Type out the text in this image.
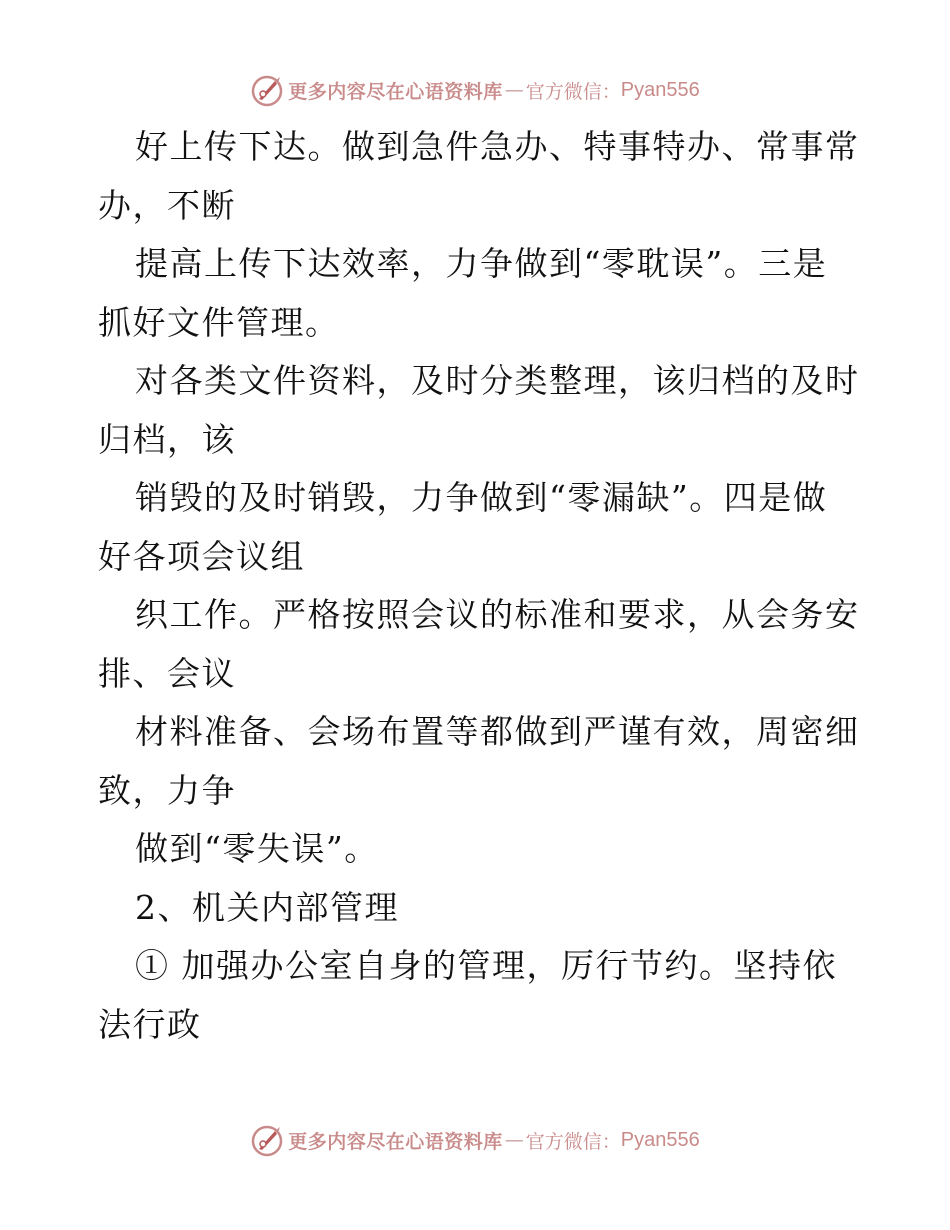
更多内容尽在心语资料库 — 官方微信： Pyan556
好上传下达。做到急件急办、特事特办、常事常
办，不断
提高上传下达效率，力争做到“零耽误”。三是
抓好文件管理。
对各类文件资料，及时分类整理，该归档的及时
归档，该
销毁的及时销毁，力争做到“零漏缺”。四是做
好各项会议组
织工作。严格按照会议的标准和要求，从会务安
排、会议
材料准备、会场布置等都做到严谨有效，周密细
致，力争
做到“零失误”。
2、机关内部管理
① 加强办公室自身的管理，厉行节约。坚持依
法行政
更多内容尽在心语资料库 — 官方微信： Pyan556
